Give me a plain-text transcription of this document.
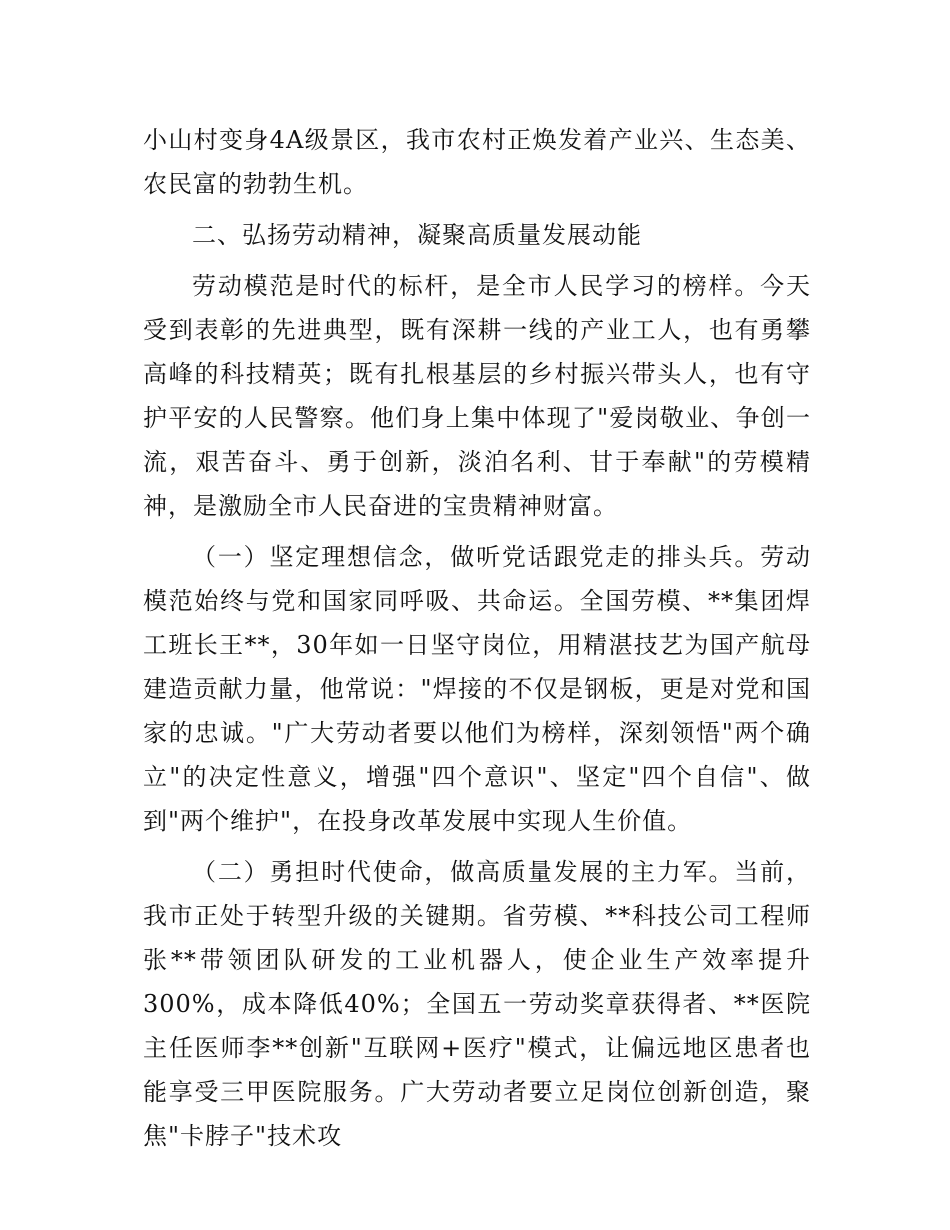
小山村变身4A级景区，我市农村正焕发着产业兴、生态美、农民富的勃勃生机。

二、弘扬劳动精神，凝聚高质量发展动能

劳动模范是时代的标杆，是全市人民学习的榜样。今天受到表彰的先进典型，既有深耕一线的产业工人，也有勇攀高峰的科技精英；既有扎根基层的乡村振兴带头人，也有守护平安的人民警察。他们身上集中体现了"爱岗敬业、争创一流，艰苦奋斗、勇于创新，淡泊名利、甘于奉献"的劳模精神，是激励全市人民奋进的宝贵精神财富。

（一）坚定理想信念，做听党话跟党走的排头兵。劳动模范始终与党和国家同呼吸、共命运。全国劳模、**集团焊工班长王**，30年如一日坚守岗位，用精湛技艺为国产航母建造贡献力量，他常说："焊接的不仅是钢板，更是对党和国家的忠诚。"广大劳动者要以他们为榜样，深刻领悟"两个确立"的决定性意义，增强"四个意识"、坚定"四个自信"、做到"两个维护"，在投身改革发展中实现人生价值。

（二）勇担时代使命，做高质量发展的主力军。当前，我市正处于转型升级的关键期。省劳模、**科技公司工程师张**带领团队研发的工业机器人，使企业生产效率提升300%，成本降低40%；全国五一劳动奖章获得者、**医院主任医师李**创新"互联网+医疗"模式，让偏远地区患者也能享受三甲医院服务。广大劳动者要立足岗位创新创造，聚焦"卡脖子"技术攻
